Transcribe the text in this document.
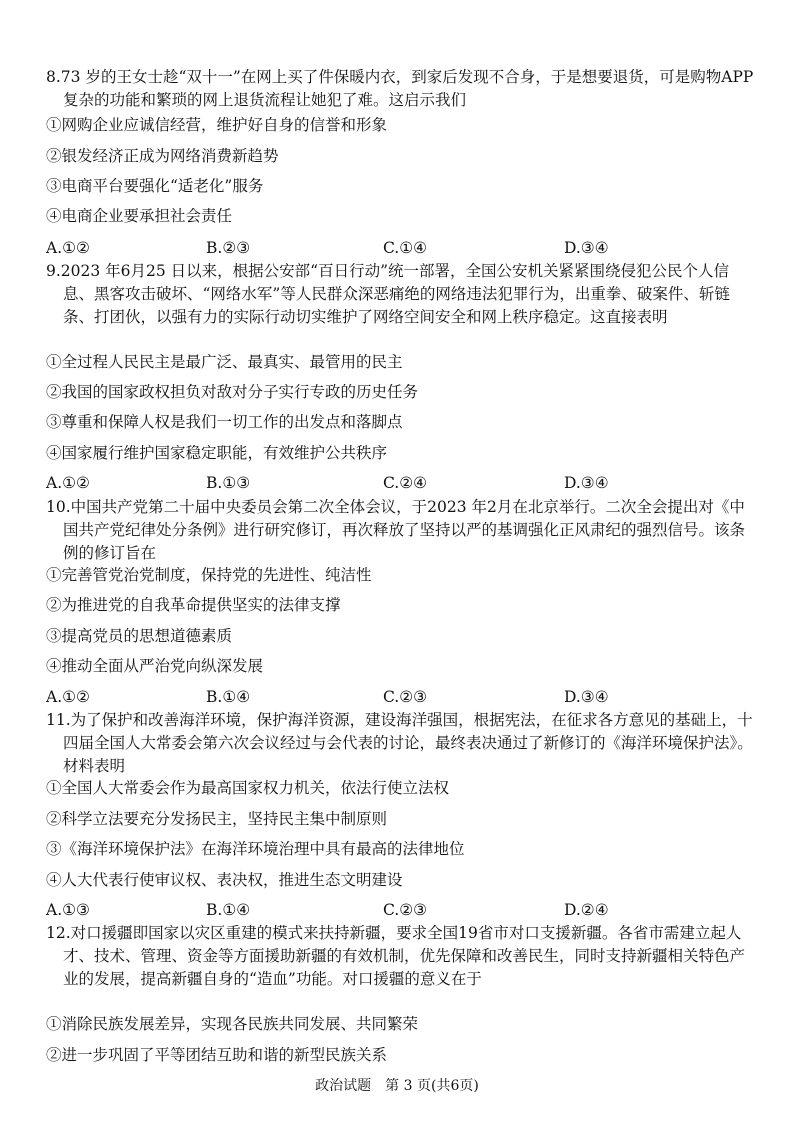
8.73 岁的王女士趁“双十一”在网上买了件保暖内衣，到家后发现不合身，于是想要退货，可是购物APP复杂的功能和繁琐的网上退货流程让她犯了难。这启示我们

①网购企业应诚信经营，维护好自身的信誉和形象
②银发经济正成为网络消费新趋势
③电商平台要强化“适老化”服务
④电商企业要承担社会责任
A.①②	B.②③	C.①④	D.③④

9.2023 年6月25 日以来，根据公安部“百日行动”统一部署，全国公安机关紧紧围绕侵犯公民个人信息、黑客攻击破坏、“网络水军”等人民群众深恶痛绝的网络违法犯罪行为，出重拳、破案件、斩链条、打团伙，以强有力的实际行动切实维护了网络空间安全和网上秩序稳定。这直接表明

①全过程人民民主是最广泛、最真实、最管用的民主
②我国的国家政权担负对敌对分子实行专政的历史任务
③尊重和保障人权是我们一切工作的出发点和落脚点
④国家履行维护国家稳定职能，有效维护公共秩序
A.①②	B.①③	C.②④	D.③④

10.中国共产党第二十届中央委员会第二次全体会议，于2023 年2月在北京举行。二次全会提出对《中国共产党纪律处分条例》进行研究修订，再次释放了坚持以严的基调强化正风肃纪的强烈信号。该条例的修订旨在

①完善管党治党制度，保持党的先进性、纯洁性
②为推进党的自我革命提供坚实的法律支撑
③提高党员的思想道德素质
④推动全面从严治党向纵深发展
A.①②	B.①④	C.②③	D.③④

11.为了保护和改善海洋环境，保护海洋资源，建设海洋强国，根据宪法，在征求各方意见的基础上，十四届全国人大常委会第六次会议经过与会代表的讨论，最终表决通过了新修订的《海洋环境保护法》。材料表明

①全国人大常委会作为最高国家权力机关，依法行使立法权
②科学立法要充分发扬民主，坚持民主集中制原则
③《海洋环境保护法》在海洋环境治理中具有最高的法律地位
④人大代表行使审议权、表决权，推进生态文明建设
A.①③	B.①④	C.②③	D.②④

12.对口援疆即国家以灾区重建的模式来扶持新疆，要求全国19省市对口支援新疆。各省市需建立起人才、技术、管理、资金等方面援助新疆的有效机制，优先保障和改善民生，同时支持新疆相关特色产业的发展，提高新疆自身的“造血”功能。对口援疆的意义在于

①消除民族发展差异，实现各民族共同发展、共同繁荣
②进一步巩固了平等团结互助和谐的新型民族关系
政治试题　第 3 页(共6页)
